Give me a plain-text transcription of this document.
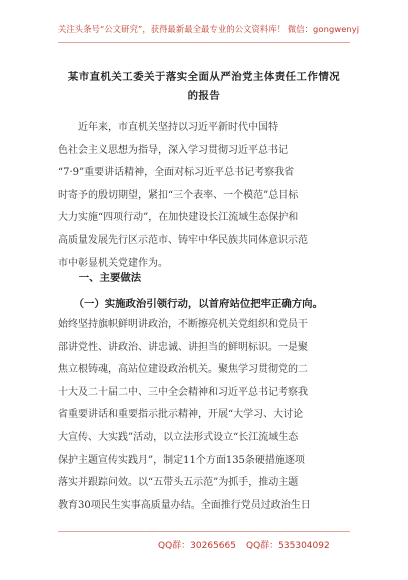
关注头条号“公文研究”，获得最新最全最专业的公文资料库！ 微信：gongwenyj
某市直机关工委关于落实全面从严治党主体责任工作情况
的报告
　　近年来，市直机关坚持以习近平新时代中国特
色社会主义思想为指导，深入学习贯彻习近平总书记
“7·9”重要讲话精神，全面对标习近平总书记考察我省
时寄予的殷切期望，紧扣“三个表率、一个模范”总目标
大力实施“四项行动”，在加快建设长江流域生态保护和
高质量发展先行区示范市、铸牢中华民族共同体意识示范
市中彰显机关党建作为。
　　一、主要做法
　　（一）实施政治引领行动，以首府站位把牢正确方向。
始终坚持旗帜鲜明讲政治，不断擦亮机关党组织和党员干
部讲党性、讲政治、讲忠诚、讲担当的鲜明标识。一是聚
焦立根铸魂，高站位建设政治机关。聚焦学习贯彻党的二
十大及二十届二中、三中全会精神和习近平总书记考察我
省重要讲话和重要指示批示精神，开展“大学习、大讨论
大宣传、大实践”活动，以立法形式设立“长江流域生态
保护主题宣传实践月”，制定11个方面135条硬措施逐项
落实并跟踪问效。以“五带头五示范”为抓手，推动主题
教育30项民生实事高质量办结。全面推行党员过政治生日
QQ群：30265665 QQ群：535304092
